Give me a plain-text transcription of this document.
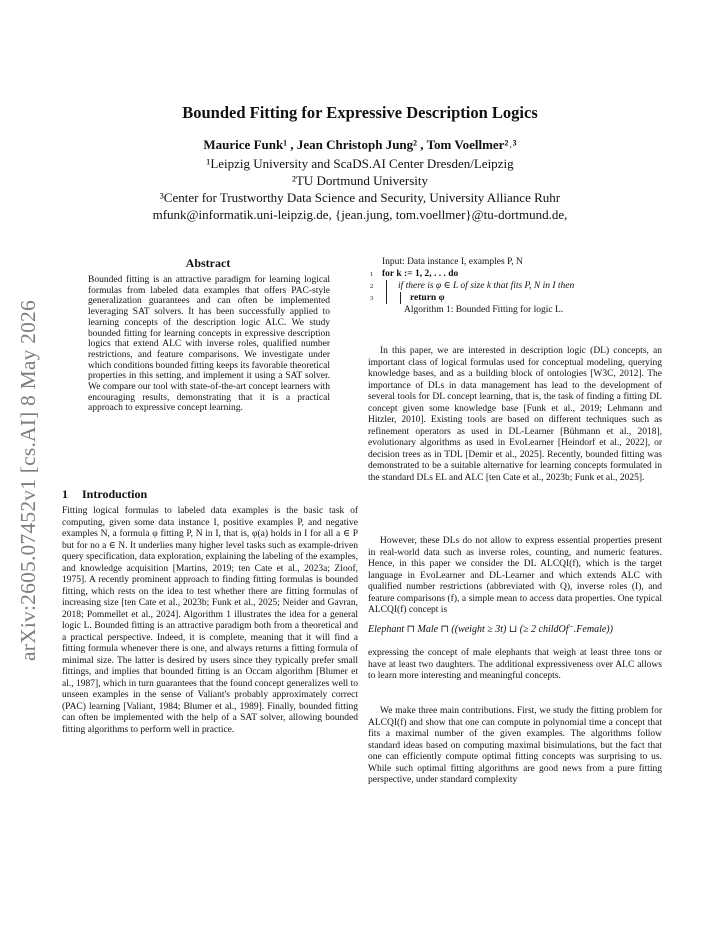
arXiv:2605.07452v1 [cs.AI] 8 May 2026
Bounded Fitting for Expressive Description Logics
Maurice Funk¹ , Jean Christoph Jung² , Tom Voellmer²˒³
¹Leipzig University and ScaDS.AI Center Dresden/Leipzig
²TU Dortmund University
³Center for Trustworthy Data Science and Security, University Alliance Ruhr
mfunk@informatik.uni-leipzig.de, {jean.jung, tom.voellmer}@tu-dortmund.de,
Abstract

Bounded fitting is an attractive paradigm for learning logical formulas from labeled data examples that offers PAC-style generalization guarantees and can often be implemented leveraging SAT solvers. It has been successfully applied to learning concepts of the description logic ALC. We study bounded fitting for learning concepts in expressive description logics that extend ALC with inverse roles, qualified number restrictions, and feature comparisons. We investigate under which conditions bounded fitting keeps its favorable theoretical properties in this setting, and implement it using a SAT solver. We compare our tool with state-of-the-art concept learners with encouraging results, demonstrating that it is a practical approach to expressive concept learning.

1 Introduction

Fitting logical formulas to labeled data examples is the basic task of computing, given some data instance I, positive examples P, and negative examples N, a formula φ fitting P, N in I, that is, φ(a) holds in I for all a ∈ P but for no a ∈ N. It underlies many higher level tasks such as example-driven query specification, data exploration, explaining the labeling of the examples, and knowledge acquisition [Martins, 2019; ten Cate et al., 2023a; Zloof, 1975]. A recently prominent approach to finding fitting formulas is bounded fitting, which rests on the idea to test whether there are fitting formulas of increasing size [ten Cate et al., 2023b; Funk et al., 2025; Neider and Gavran, 2018; Pommellet et al., 2024]. Algorithm 1 illustrates the idea for a general logic L. Bounded fitting is an attractive paradigm both from a theoretical and a practical perspective. Indeed, it is complete, meaning that it will find a fitting formula whenever there is one, and always returns a fitting formula of minimal size. The latter is desired by users since they typically prefer small fittings, and implies that bounded fitting is an Occam algorithm [Blumer et al., 1987], which in turn guarantees that the found concept generalizes well to unseen examples in the sense of Valiant's probably approximately correct (PAC) learning [Valiant, 1984; Blumer et al., 1989]. Finally, bounded fitting can often be implemented with the help of a SAT solver, allowing bounded fitting algorithms to perform well in practice.

Input: Data instance I, examples P, N
1 for k := 1, 2, . . . do
2	if there is φ ∈ L of size k that fits P, N in I then
3	return φ
Algorithm 1: Bounded Fitting for logic L.

In this paper, we are interested in description logic (DL) concepts, an important class of logical formulas used for conceptual modeling, querying knowledge bases, and as a building block of ontologies [W3C, 2012]. The importance of DLs in data management has lead to the development of several tools for DL concept learning, that is, the task of finding a fitting DL concept given some knowledge base [Funk et al., 2019; Lehmann and Hitzler, 2010]. Existing tools are based on different techniques such as refinement operators as used in DL-Learner [Bühmann et al., 2018], evolutionary algorithms as used in EvoLearner [Heindorf et al., 2022], or decision trees as in TDL [Demir et al., 2025]. Recently, bounded fitting was demonstrated to be a suitable alternative for learning concepts formulated in the standard DLs EL and ALC [ten Cate et al., 2023b; Funk et al., 2025].

However, these DLs do not allow to express essential properties present in real-world data such as inverse roles, counting, and numeric features. Hence, in this paper we consider the DL ALCQI(f), which is the target language in EvoLearner and DL-Learner and which extends ALC with qualified number restrictions (abbreviated with Q), inverse roles (I), and feature comparisons (f), a simple mean to access data properties. One typical ALCQI(f) concept is

Elephant ⊓ Male ⊓ ((weight ≥ 3t) ⊔ (≥ 2 childOf⁻.Female))

expressing the concept of male elephants that weigh at least three tons or have at least two daughters. The additional expressiveness over ALC allows to learn more interesting and meaningful concepts.

We make three main contributions. First, we study the fitting problem for ALCQI(f) and show that one can compute in polynomial time a concept that fits a maximal number of the given examples. The algorithms follow standard ideas based on computing maximal bisimulations, but the fact that one can efficiently compute optimal fitting concepts was surprising to us. While such optimal fitting algorithms are good news from a pure fitting perspective, under standard complexity
